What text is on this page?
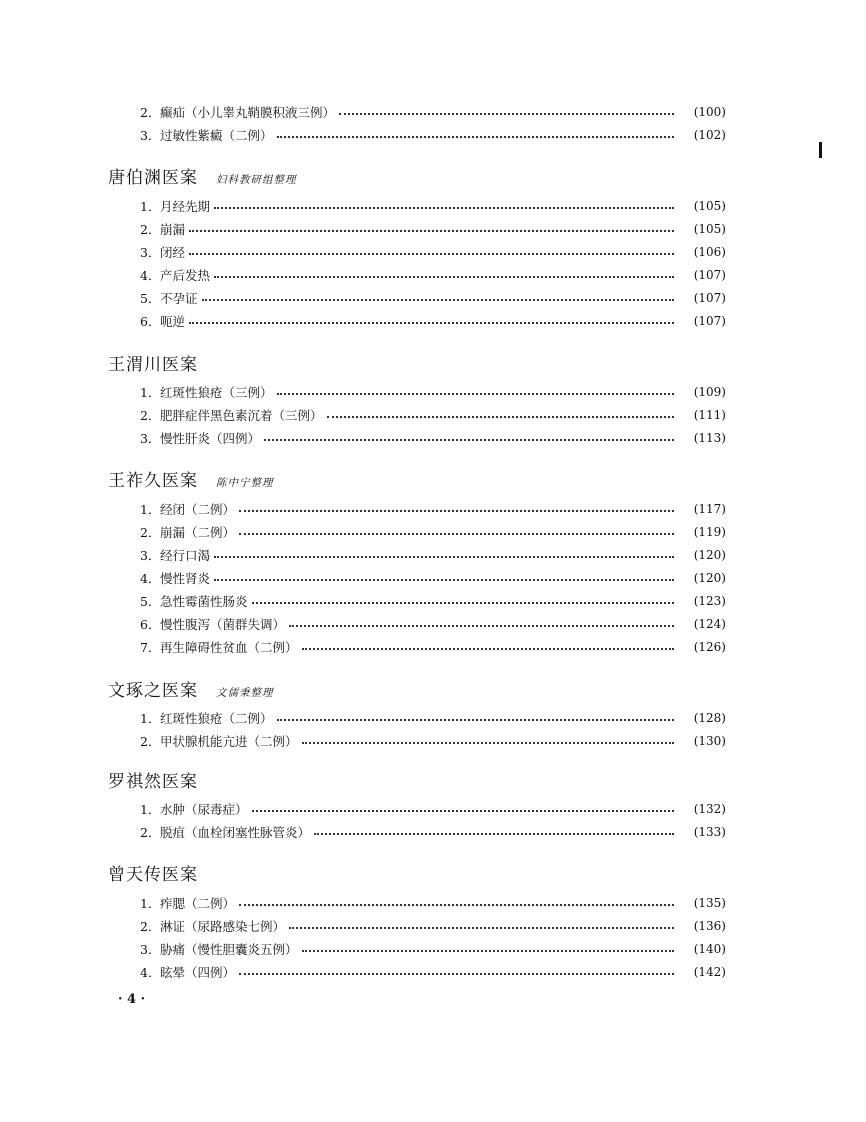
2． 癫疝（小儿睾丸鞘膜积液三例）	(100)
3． 过敏性紫癜（二例）	(102)
唐伯渊医案 妇科教研组整理
1． 月经先期	(105)
2． 崩漏	(105)
3． 闭经	(106)
4． 产后发热	(107)
5． 不孕证	(107)
6． 呃逆	(107)
王渭川医案
1． 红斑性狼疮（三例）	(109)
2． 肥胖症伴黑色素沉着（三例）	(111)
3． 慢性肝炎（四例）	(113)
王祚久医案 陈中宁整理
1． 经闭（二例）	(117)
2． 崩漏（二例）	(119)
3． 经行口渴	(120)
4． 慢性肾炎	(120)
5． 急性霉菌性肠炎	(123)
6． 慢性腹泻（菌群失调）	(124)
7． 再生障碍性贫血（二例）	(126)
文琢之医案 文儒秉整理
1． 红斑性狼疮（二例）	(128)
2． 甲状腺机能亢进（二例）	(130)
罗祺然医案
1． 水肿（尿毒症）	(132)
2． 脱疽（血栓闭塞性脉管炎）	(133)
曾天传医案
1． 痄腮（二例）	(135)
2． 淋证（尿路感染七例）	(136)
3． 胁痛（慢性胆囊炎五例）	(140)
4． 眩晕（四例）	(142)
· 4 ·
